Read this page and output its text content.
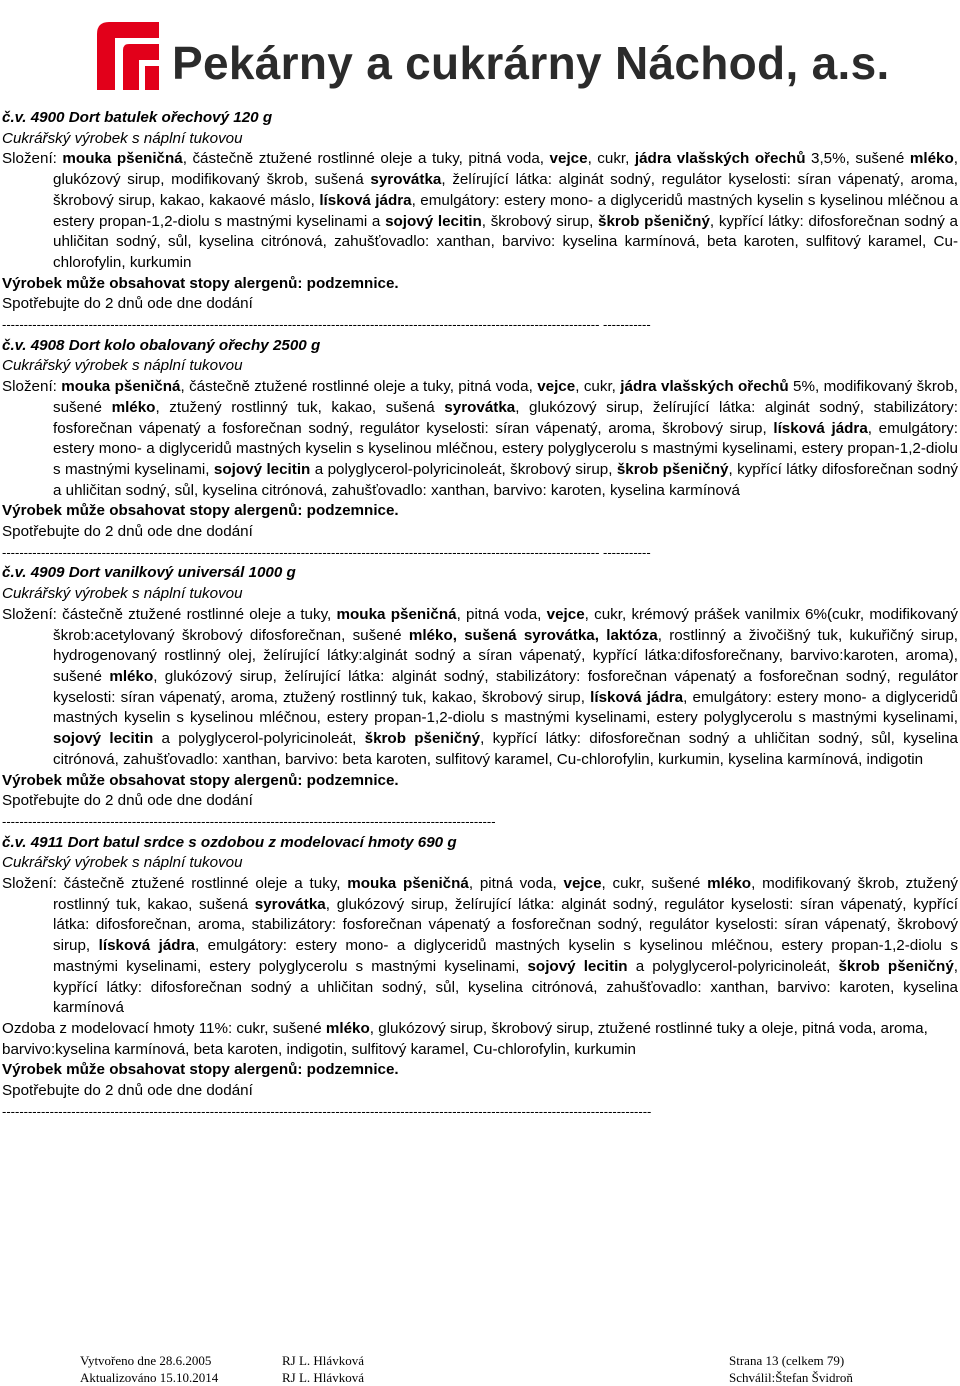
Pekárny a cukrárny Náchod, a.s.
č.v. 4900 Dort batulek ořechový 120 g
Cukrářský výrobek s náplní tukovou
Složení: mouka pšeničná, částečně ztužené rostlinné oleje a tuky, pitná voda, vejce, cukr, jádra vlašských ořechů 3,5%, sušené mléko, glukózový sirup, modifikovaný škrob, sušená syrovátka, želírující látka: alginát sodný, regulátor kyselosti: síran vápenatý, aroma, škrobový sirup, kakao, kakaové máslo, lísková jádra, emulgátory: estery mono- a diglyceridů mastných kyselin s kyselinou mléčnou a estery propan-1,2-diolu s mastnými kyselinami a sojový lecitin, škrobový sirup, škrob pšeničný, kypřící látky: difosforečnan sodný a uhličitan sodný, sůl, kyselina citrónová, zahušťovadlo: xanthan, barvivo: kyselina karmínová, beta karoten, sulfitový karamel, Cu-chlorofylin, kurkumin
Výrobek může obsahovat stopy alergenů: podzemnice.
Spotřebujte do 2 dnů ode dne dodání
------------------------------------------------------------------------------------------------------------------------------------------ -----------
č.v. 4908 Dort kolo obalovaný ořechy 2500 g
Cukrářský výrobek s náplní tukovou
Složení: mouka pšeničná, částečně ztužené rostlinné oleje a tuky, pitná voda, vejce, cukr, jádra vlašských ořechů 5%, modifikovaný škrob, sušené mléko, ztužený rostlinný tuk, kakao, sušená syrovátka, glukózový sirup, želírující látka: alginát sodný, stabilizátory: fosforečnan vápenatý a fosforečnan sodný, regulátor kyselosti: síran vápenatý, aroma, škrobový sirup, lísková jádra, emulgátory: estery mono- a diglyceridů mastných kyselin s kyselinou mléčnou, estery polyglycerolu s mastnými kyselinami, estery propan-1,2-diolu s mastnými kyselinami, sojový lecitin a polyglycerol-polyricinoleát, škrobový sirup, škrob pšeničný, kypřící látky difosforečnan sodný a uhličitan sodný, sůl, kyselina citrónová, zahušťovadlo: xanthan, barvivo: karoten, kyselina karmínová
Výrobek může obsahovat stopy alergenů: podzemnice.
Spotřebujte do 2 dnů ode dne dodání
------------------------------------------------------------------------------------------------------------------------------------------ -----------
č.v. 4909 Dort vanilkový universál 1000 g
Cukrářský výrobek s náplní tukovou
Složení: částečně ztužené rostlinné oleje a tuky, mouka pšeničná, pitná voda, vejce, cukr, krémový prášek vanilmix 6%(cukr, modifikovaný škrob:acetylovaný škrobový difosforečnan, sušené mléko, sušená syrovátka, laktóza, rostlinný a živočišný tuk, kukuřičný sirup, hydrogenovaný rostlinný olej, želírující látky:alginát sodný a síran vápenatý, kypřící látka:difosforečnany, barvivo:karoten, aroma), sušené mléko, glukózový sirup, želírující látka: alginát sodný, stabilizátory: fosforečnan vápenatý a fosforečnan sodný, regulátor kyselosti: síran vápenatý, aroma, ztužený rostlinný tuk, kakao, škrobový sirup, lísková jádra, emulgátory: estery mono- a diglyceridů mastných kyselin s kyselinou mléčnou, estery propan-1,2-diolu s mastnými kyselinami, estery polyglycerolu s mastnými kyselinami, sojový lecitin a polyglycerol-polyricinoleát, škrob pšeničný, kypřící látky: difosforečnan sodný a uhličitan sodný, sůl, kyselina citrónová, zahušťovadlo: xanthan, barvivo: beta karoten, sulfitový karamel, Cu-chlorofylin, kurkumin, kyselina karmínová, indigotin
Výrobek může obsahovat stopy alergenů: podzemnice.
Spotřebujte do 2 dnů ode dne dodání
------------------------------------------------------------------------------------------------------------------
č.v. 4911 Dort batul srdce s ozdobou z modelovací hmoty 690 g
Cukrářský výrobek s náplní tukovou
Složení: částečně ztužené rostlinné oleje a tuky, mouka pšeničná, pitná voda, vejce, cukr, sušené mléko, modifikovaný škrob, ztužený rostlinný tuk, kakao, sušená syrovátka, glukózový sirup, želírující látka: alginát sodný, regulátor kyselosti: síran vápenatý, kypřící látka: difosforečnan, aroma, stabilizátory: fosforečnan vápenatý a fosforečnan sodný, regulátor kyselosti: síran vápenatý, škrobový sirup, lísková jádra, emulgátory: estery mono- a diglyceridů mastných kyselin s kyselinou mléčnou, estery propan-1,2-diolu s mastnými kyselinami, estery polyglycerolu s mastnými kyselinami, sojový lecitin a polyglycerol-polyricinoleát, škrob pšeničný, kypřící látky: difosforečnan sodný a uhličitan sodný, sůl, kyselina citrónová, zahušťovadlo: xanthan, barvivo: karoten, kyselina karmínová
Ozdoba z modelovací hmoty 11%: cukr, sušené mléko, glukózový sirup, škrobový sirup, ztužené rostlinné tuky a oleje, pitná voda, aroma, barvivo:kyselina karmínová, beta karoten, indigotin, sulfitový karamel, Cu-chlorofylin, kurkumin
Výrobek může obsahovat stopy alergenů: podzemnice.
Spotřebujte do 2 dnů ode dne dodání
------------------------------------------------------------------------------------------------------------------------------------------------------
Vytvořeno dne 28.6.2005	RJ L. Hlávková	Strana 13 (celkem 79)
Aktualizováno 15.10.2014	RJ L. Hlávková	Schválil:Štefan Švidroň
